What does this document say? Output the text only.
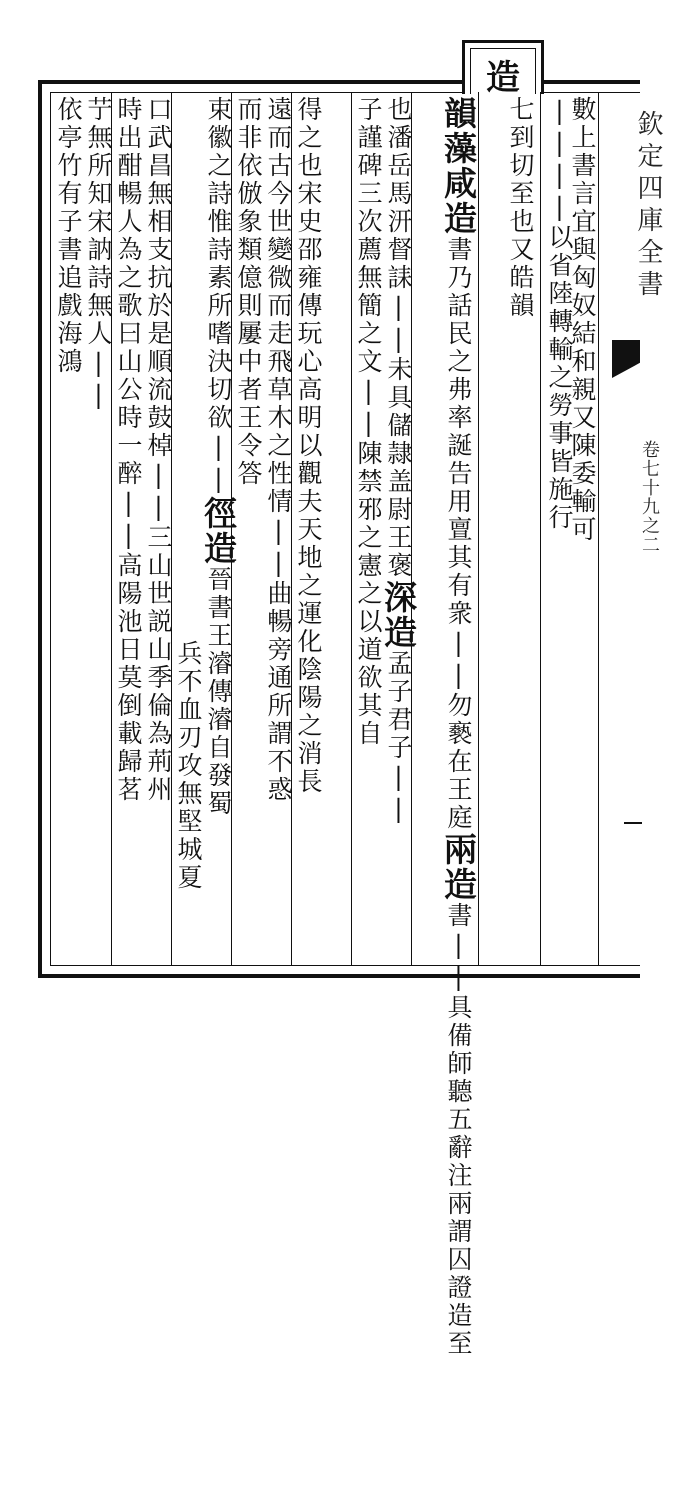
造
欽定四庫全書
卷七十九之二
數上書言宜與匈奴結和親又陳委輸可
||||以省陸轉輸之勞事皆施行
七到切至也又皓韻
韻藻咸造書乃話民之弗率誕告用亶其有衆||勿褻在王庭兩造書||具備師聽五辭注兩謂囚證造至
也潘岳馬汧督誄||未具儲隷盖尉王褒深造孟子君子||
子謹碑三次薦無簡之文||陳禁邪之憲之以道欲其自
得之也宋史邵雍傳玩心高明以觀夫天地之運化陰陽之消長
遠而古今世變微而走飛草木之性情||曲暢旁通所謂不惑
而非依倣象類億則屢中者王令答
束徽之詩惟詩素所嗜決切欲||徑造晉書王濬傳濬自發蜀
兵不血刃攻無堅城夏
口武昌無相支抗於是順流鼓棹||三山世説山季倫為荊州
時出酣暢人為之歌曰山公時一醉||高陽池日莫倒載歸茗
艼無所知宋訥詩無人||
依亭竹有子書追戲海鴻
